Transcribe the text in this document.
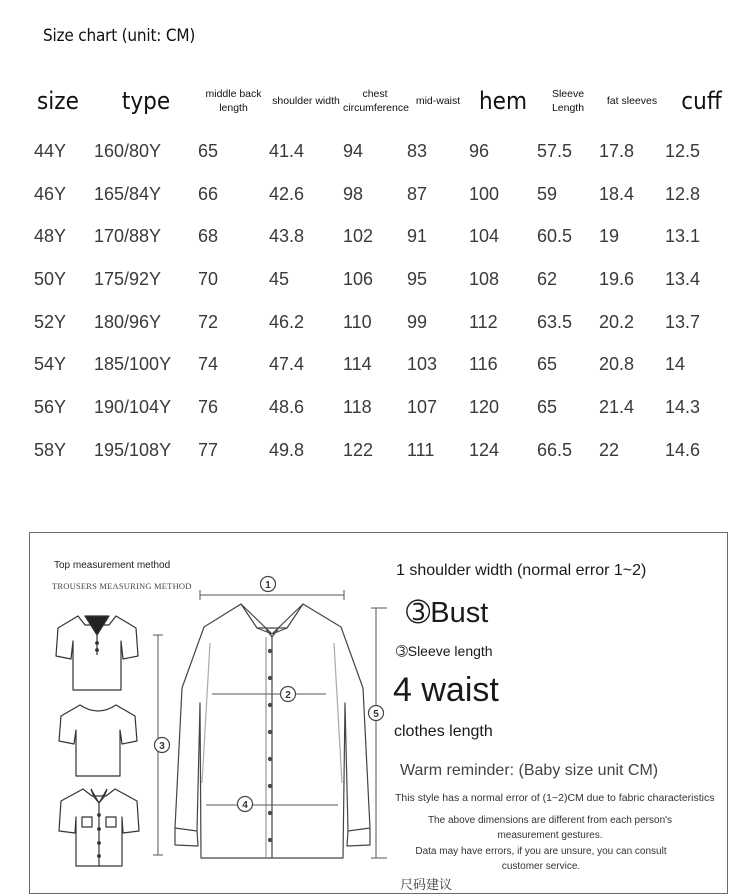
Size chart (unit: CM)
size	type	middle back length	shoulder width	chest circumference	mid-waist	hem	Sleeve Length	fat sleeves	cuff
44Y	160/80Y	65	41.4	94	83	96	57.5	17.8	12.5
46Y	165/84Y	66	42.6	98	87	100	59	18.4	12.8
48Y	170/88Y	68	43.8	102	91	104	60.5	19	13.1
50Y	175/92Y	70	45	106	95	108	62	19.6	13.4
52Y	180/96Y	72	46.2	110	99	112	63.5	20.2	13.7
54Y	185/100Y	74	47.4	114	103	116	65	20.8	14
56Y	190/104Y	76	48.6	118	107	120	65	21.4	14.3
58Y	195/108Y	77	49.8	122	111	124	66.5	22	14.6
Top measurement method
TROUSERS MEASURING METHOD	1
2
3
4
5
1 shoulder width (normal error 1~2)
➂Bust
➂Sleeve length
4 waist
clothes length
Warm reminder: (Baby size unit CM)
This style has a normal error of (1~2)CM due to fabric characteristics
The above dimensions are different from each person's measurement gestures.
Data may have errors, if you are unsure, you can consult customer service.
尺码建议
